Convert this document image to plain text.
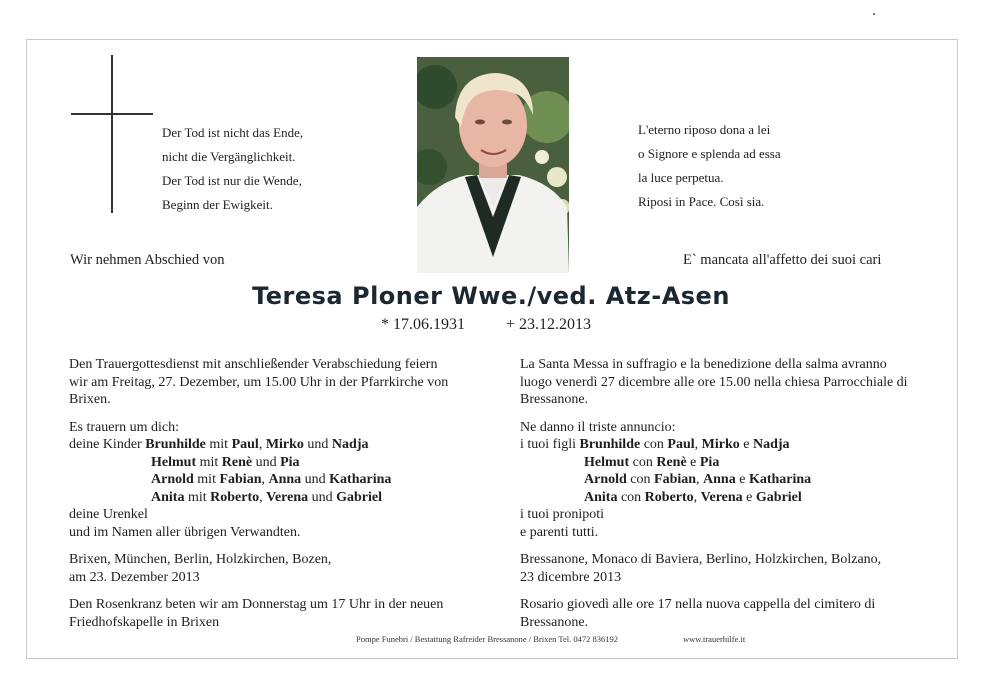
Der Tod ist nicht das Ende,
nicht die Vergänglichkeit.
Der Tod ist nur die Wende,
Beginn der Ewigkeit.
L'eterno riposo dona a lei
o Signore e splenda ad essa
la luce perpetua.
Riposi in Pace. Così sia.
Wir nehmen Abschied von	E` mancata all'affetto dei suoi cari
Teresa Ploner Wwe./ved. Atz-Asen
* 17.06.1931	+ 23.12.2013

Den Trauergottesdienst mit anschließender Verabschiedung feiern

wir am Freitag, 27. Dezember, um 15.00 Uhr in der Pfarrkirche von

Brixen.

Es trauern um dich:

deine Kinder Brunhilde mit Paul, Mirko und Nadja

Helmut mit Renè und Pia

Arnold mit Fabian, Anna und Katharina

Anita mit Roberto, Verena und Gabriel

deine Urenkel

und im Namen aller übrigen Verwandten.

Brixen, München, Berlin, Holzkirchen, Bozen,

am 23. Dezember 2013

Den Rosenkranz beten wir am Donnerstag um 17 Uhr in der neuen

Friedhofskapelle in Brixen

La Santa Messa in suffragio e la benedizione della salma avranno

luogo venerdì 27 dicembre alle ore 15.00 nella chiesa Parrocchiale di

Bressanone.

Ne danno il triste annuncio:

i tuoi figli Brunhilde con Paul, Mirko e Nadja

Helmut con Renè e Pia

Arnold con Fabian, Anna e Katharina

Anita con Roberto, Verena e Gabriel

i tuoi pronipoti

e parenti tutti.

Bressanone, Monaco di Baviera, Berlino, Holzkirchen, Bolzano,

23 dicembre 2013

Rosario giovedì alle ore 17 nella nuova cappella del cimitero di

Bressanone.

Pompe Funebri / Bestattung Rafreider Bressanone / Brixen Tel. 0472 836192	www.trauerhilfe.it
